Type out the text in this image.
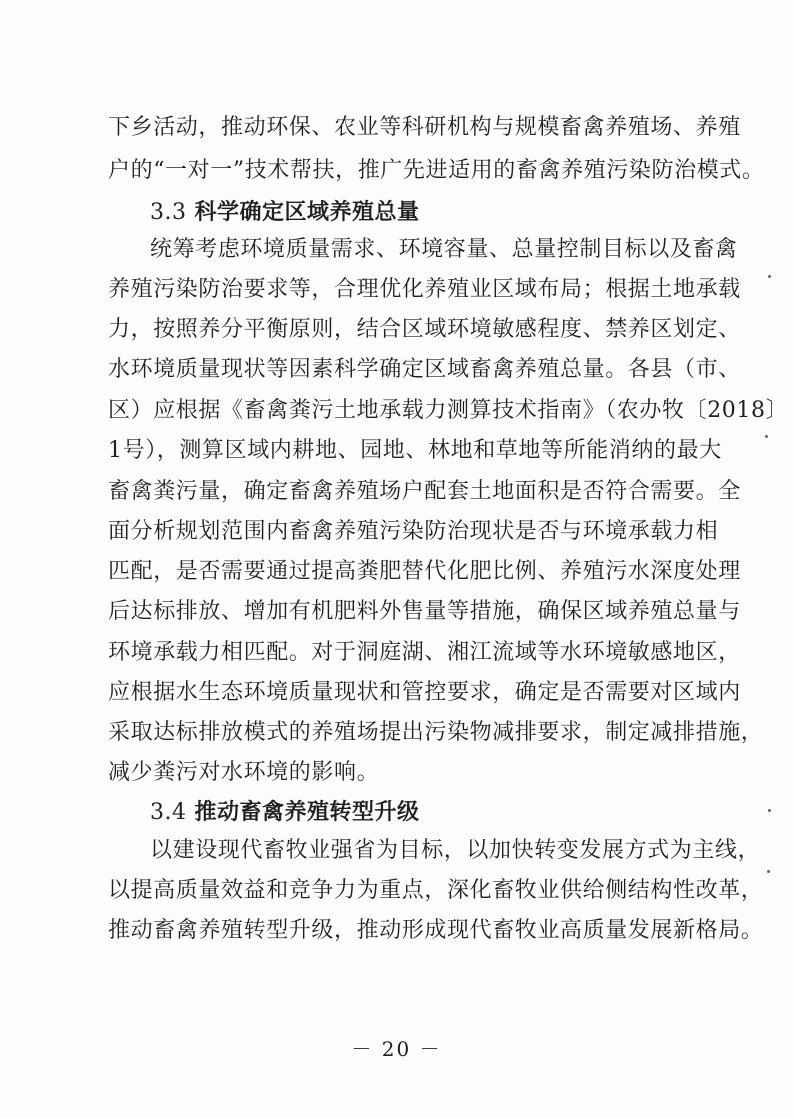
下乡活动，推动环保、农业等科研机构与规模畜禽养殖场、养殖
户的“一对一”技术帮扶，推广先进适用的畜禽养殖污染防治模式。
3.3 科学确定区域养殖总量
统筹考虑环境质量需求、环境容量、总量控制目标以及畜禽
养殖污染防治要求等，合理优化养殖业区域布局；根据土地承载
力，按照养分平衡原则，结合区域环境敏感程度、禁养区划定、
水环境质量现状等因素科学确定区域畜禽养殖总量。各县（市、
区）应根据《畜禽粪污土地承载力测算技术指南》（农办牧〔2018〕
1号），测算区域内耕地、园地、林地和草地等所能消纳的最大
畜禽粪污量，确定畜禽养殖场户配套土地面积是否符合需要。全
面分析规划范围内畜禽养殖污染防治现状是否与环境承载力相
匹配，是否需要通过提高粪肥替代化肥比例、养殖污水深度处理
后达标排放、增加有机肥料外售量等措施，确保区域养殖总量与
环境承载力相匹配。对于洞庭湖、湘江流域等水环境敏感地区，
应根据水生态环境质量现状和管控要求，确定是否需要对区域内
采取达标排放模式的养殖场提出污染物减排要求，制定减排措施，
减少粪污对水环境的影响。
3.4 推动畜禽养殖转型升级
以建设现代畜牧业强省为目标，以加快转变发展方式为主线，
以提高质量效益和竞争力为重点，深化畜牧业供给侧结构性改革，
推动畜禽养殖转型升级，推动形成现代畜牧业高质量发展新格局。
－ 20 －
